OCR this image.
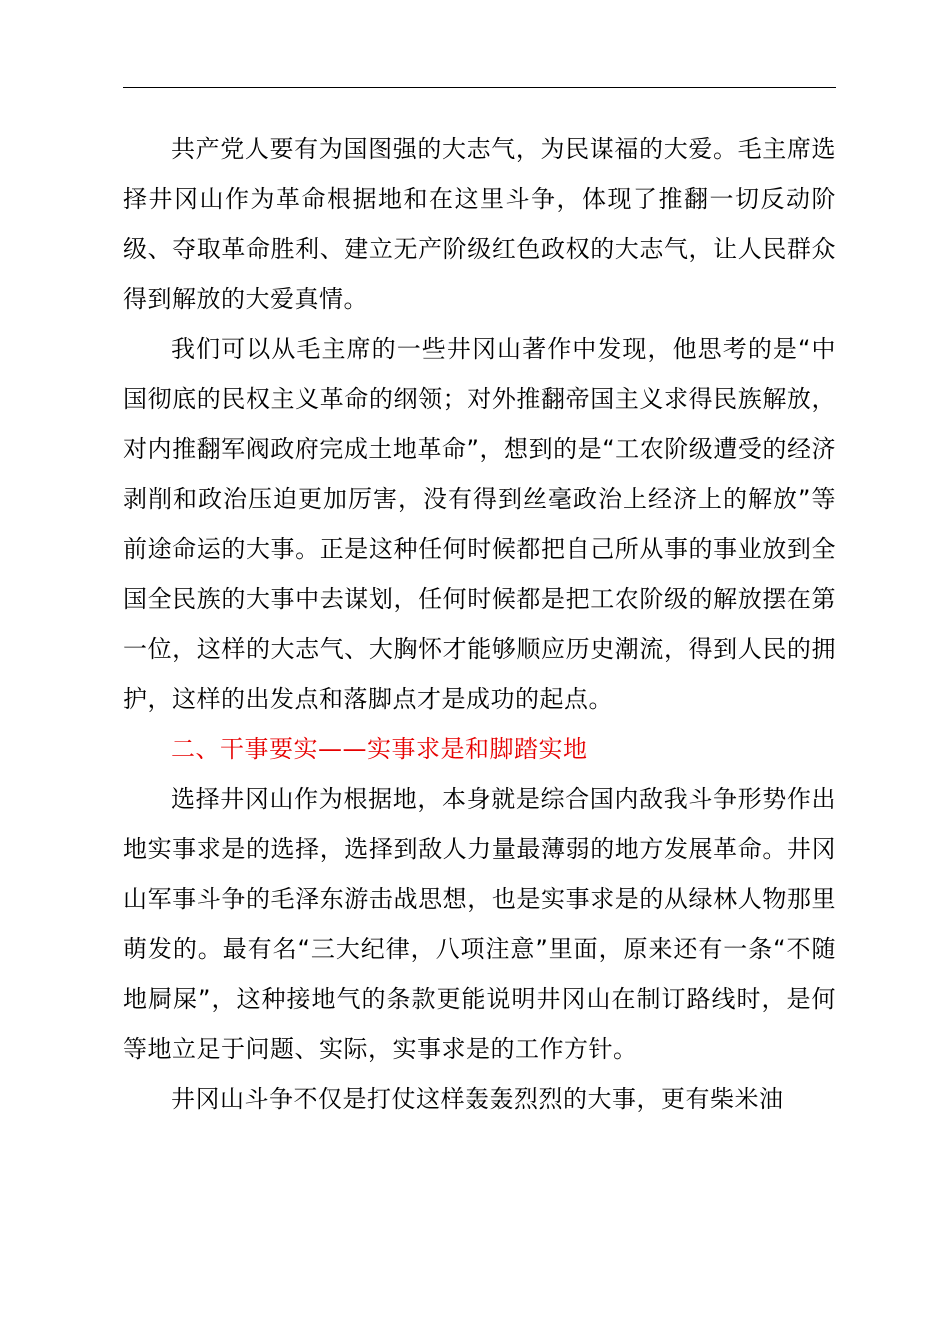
共产党人要有为国图强的大志气，为民谋福的大爱。毛主席选择井冈山作为革命根据地和在这里斗争，体现了推翻一切反动阶级、夺取革命胜利、建立无产阶级红色政权的大志气，让人民群众得到解放的大爱真情。

我们可以从毛主席的一些井冈山著作中发现，他思考的是“中国彻底的民权主义革命的纲领；对外推翻帝国主义求得民族解放，对内推翻军阀政府完成土地革命”，想到的是“工农阶级遭受的经济剥削和政治压迫更加厉害，没有得到丝毫政治上经济上的解放”等前途命运的大事。正是这种任何时候都把自己所从事的事业放到全国全民族的大事中去谋划，任何时候都是把工农阶级的解放摆在第一位，这样的大志气、大胸怀才能够顺应历史潮流，得到人民的拥护，这样的出发点和落脚点才是成功的起点。

二、干事要实——实事求是和脚踏实地

选择井冈山作为根据地，本身就是综合国内敌我斗争形势作出地实事求是的选择，选择到敌人力量最薄弱的地方发展革命。井冈山军事斗争的毛泽东游击战思想，也是实事求是的从绿林人物那里萌发的。最有名“三大纪律，八项注意”里面，原来还有一条“不随地屙屎”，这种接地气的条款更能说明井冈山在制订路线时，是何等地立足于问题、实际，实事求是的工作方针。

井冈山斗争不仅是打仗这样轰轰烈烈的大事，更有柴米油
